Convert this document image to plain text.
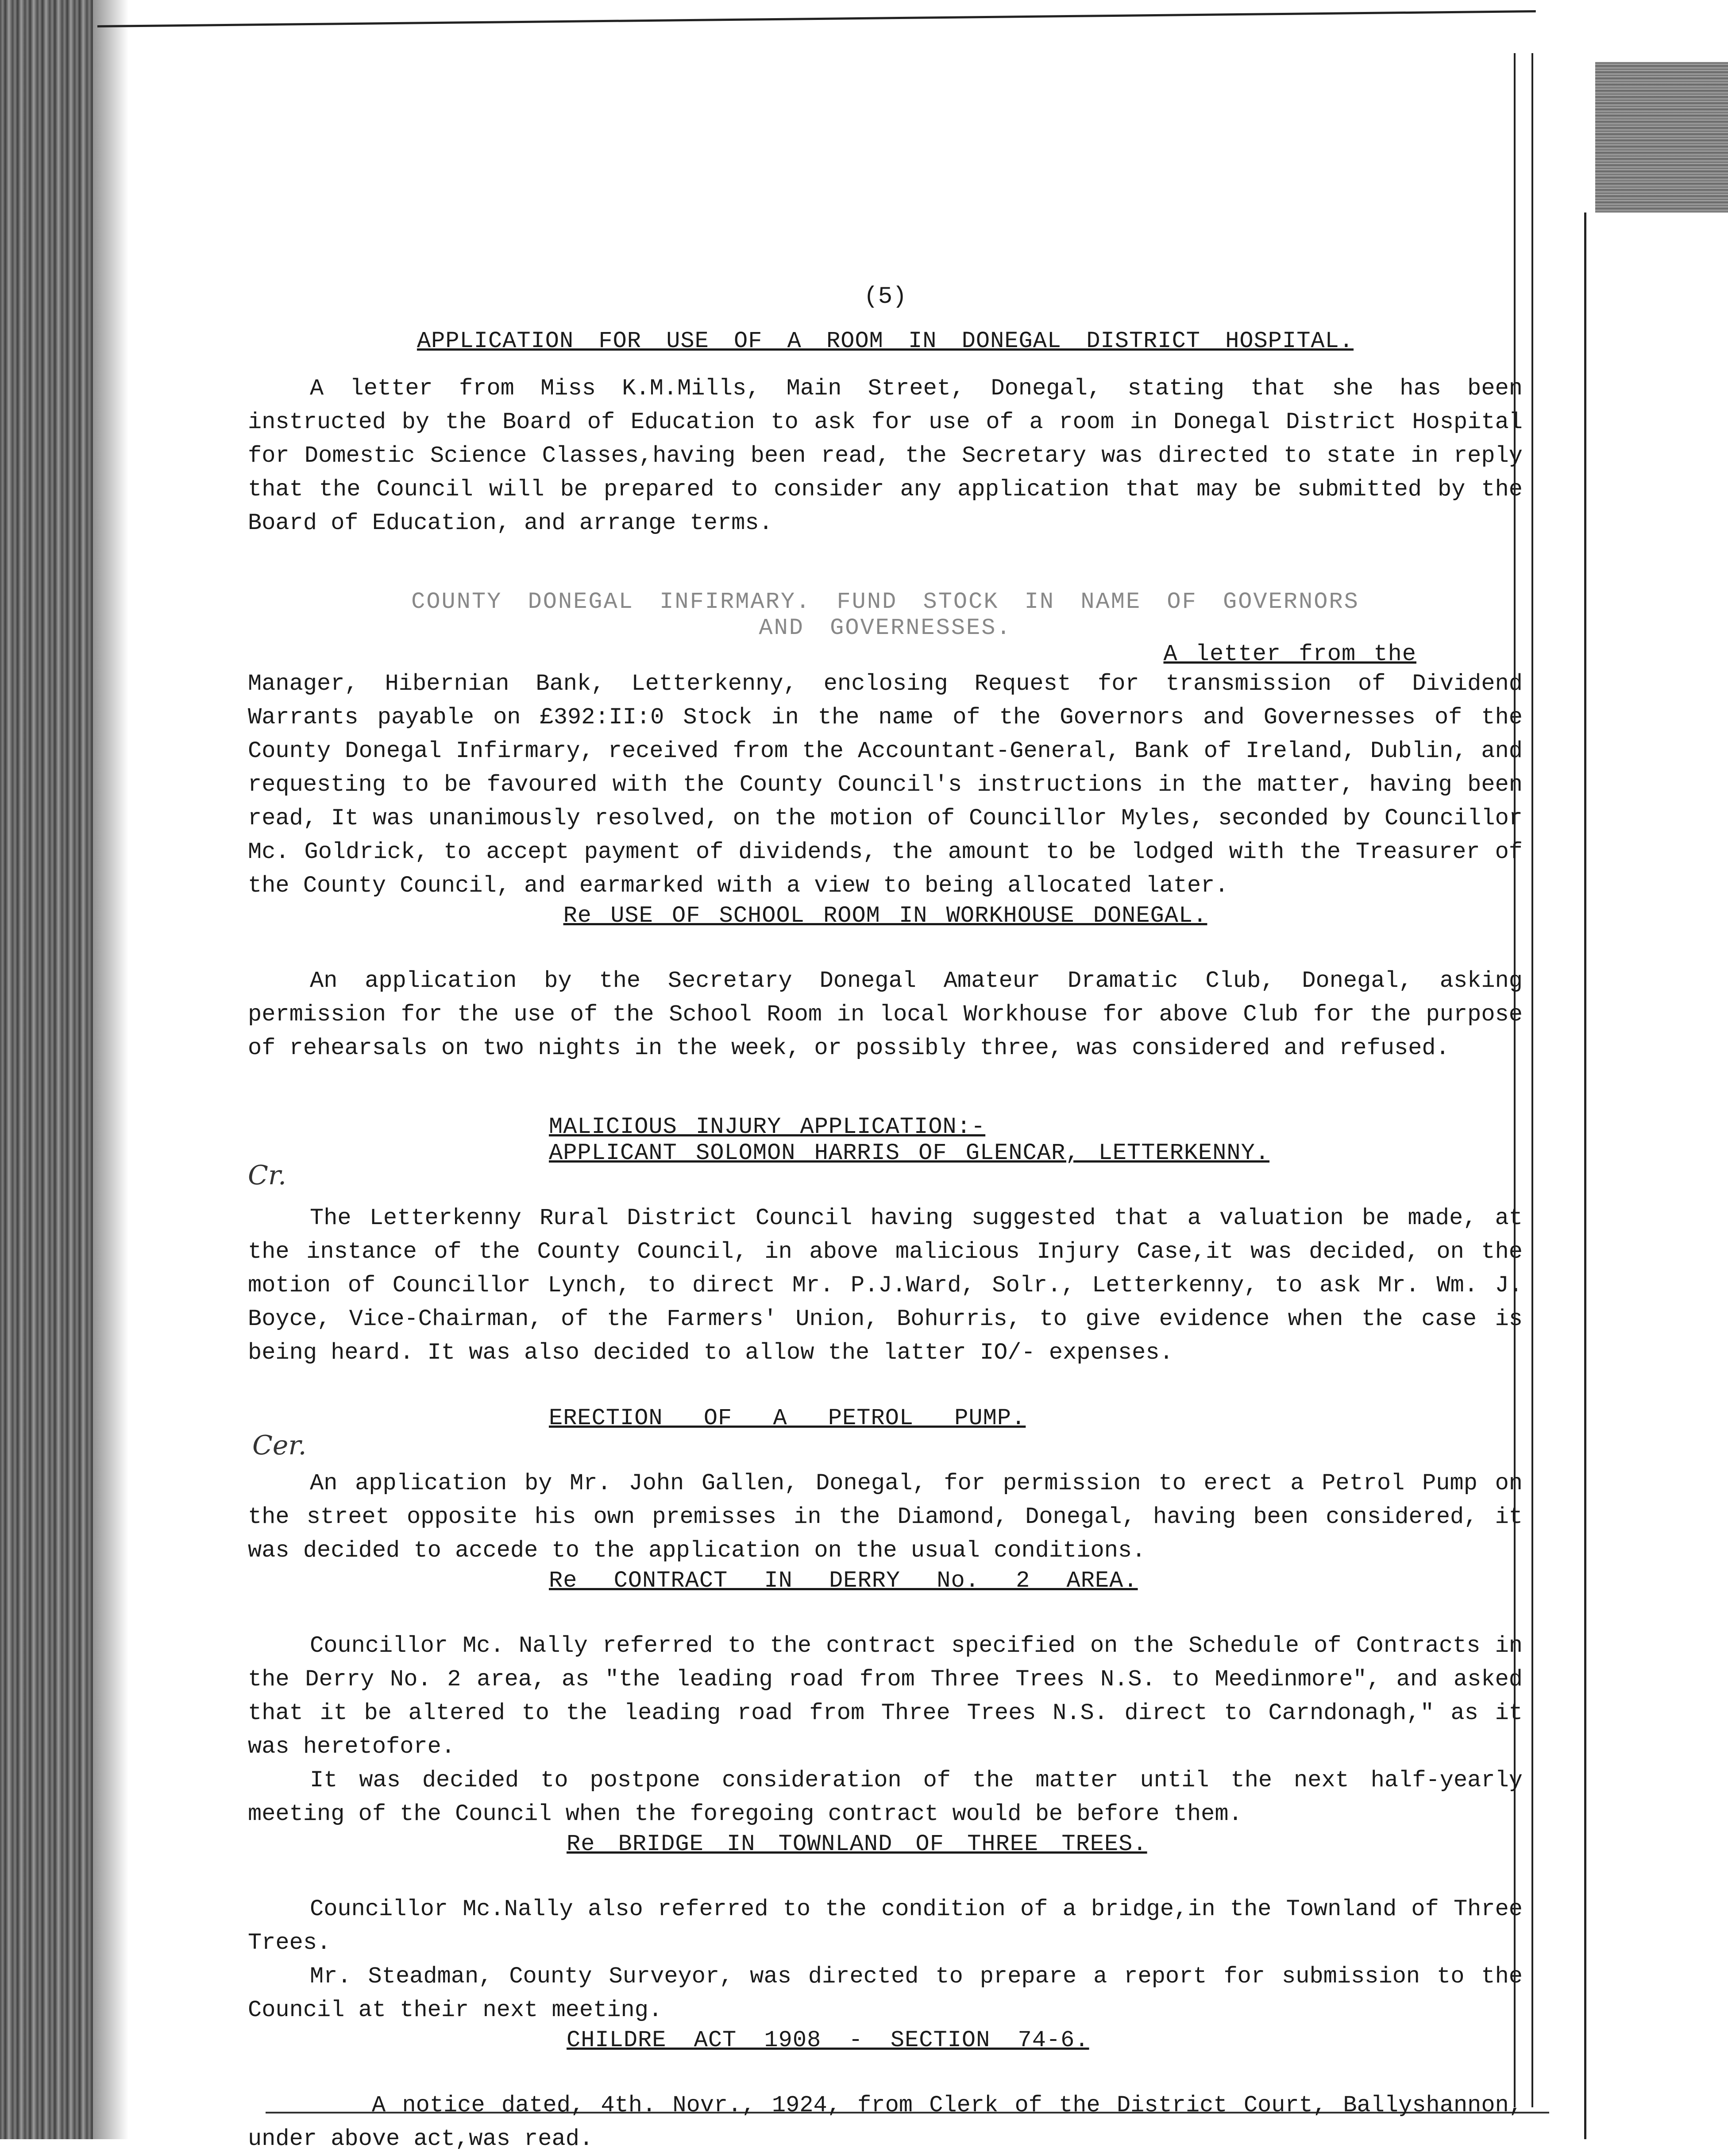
Cr.
Cer.
(5)
APPLICATION FOR USE OF A ROOM IN DONEGAL DISTRICT HOSPITAL.

A letter from Miss K.M.Mills, Main Street, Donegal, stating that she has been instructed by the Board of Education to ask for use of a room in Donegal District Hospital for Domestic Science Classes,having been read, the Secretary was directed to state in reply that the Council will be prepared to consider any application that may be submitted by the Board of Education, and arrange terms.

COUNTY DONEGAL INFIRMARY. FUND STOCK IN NAME OF GOVERNORS
AND GOVERNESSES.
A letter from the

Manager, Hibernian Bank, Letterkenny, enclosing Request for transmission of Dividend Warrants payable on £392:II:0 Stock in the name of the Governors and Governesses of the County Donegal Infirmary, received from the Accountant-General, Bank of Ireland, Dublin, and requesting to be favoured with the County Council's instructions in the matter, having been read, It was unanimously resolved, on the motion of Councillor Myles, seconded by Councillor Mc. Goldrick, to accept payment of dividends, the amount to be lodged with the Treasurer of the County Council, and earmarked with a view to being allocated later.

Re USE OF SCHOOL ROOM IN WORKHOUSE DONEGAL.

An application by the Secretary Donegal Amateur Dramatic Club, Donegal, asking permission for the use of the School Room in local Workhouse for above Club for the purpose of rehearsals on two nights in the week, or possibly three, was considered and refused.

MALICIOUS INJURY APPLICATION:-
APPLICANT SOLOMON HARRIS OF GLENCAR, LETTERKENNY.

The Letterkenny Rural District Council having suggested that a valuation be made, at the instance of the County Council, in above malicious Injury Case,it was decided, on the motion of Councillor Lynch, to direct Mr. P.J.Ward, Solr., Letterkenny, to ask Mr. Wm. J. Boyce, Vice-Chairman, of the Farmers' Union, Bohurris, to give evidence when the case is being heard. It was also decided to allow the latter IO/- expenses.

ERECTION OF A PETROL PUMP.

An application by Mr. John Gallen, Donegal, for permission to erect a Petrol Pump on the street opposite his own premisses in the Diamond, Donegal, having been considered, it was decided to accede to the application on the usual conditions.

Re CONTRACT IN DERRY No. 2 AREA.

Councillor Mc. Nally referred to the contract specified on the Schedule of Contracts in the Derry No. 2 area, as "the leading road from Three Trees N.S. to Meedinmore", and asked that it be altered to the leading road from Three Trees N.S. direct to Carndonagh," as it was heretofore.

It was decided to postpone consideration of the matter until the next half-yearly meeting of the Council when the foregoing contract would be before them.

Re BRIDGE IN TOWNLAND OF THREE TREES.

Councillor Mc.Nally also referred to the condition of a bridge,in the Townland of Three Trees.

Mr. Steadman, County Surveyor, was directed to prepare a report for submission to the Council at their next meeting.

CHILDRE ACT 1908 - SECTION 74-6.

A notice dated, 4th. Novr., 1924, from Clerk of the District Court, Ballyshannon, under above act,was read.
